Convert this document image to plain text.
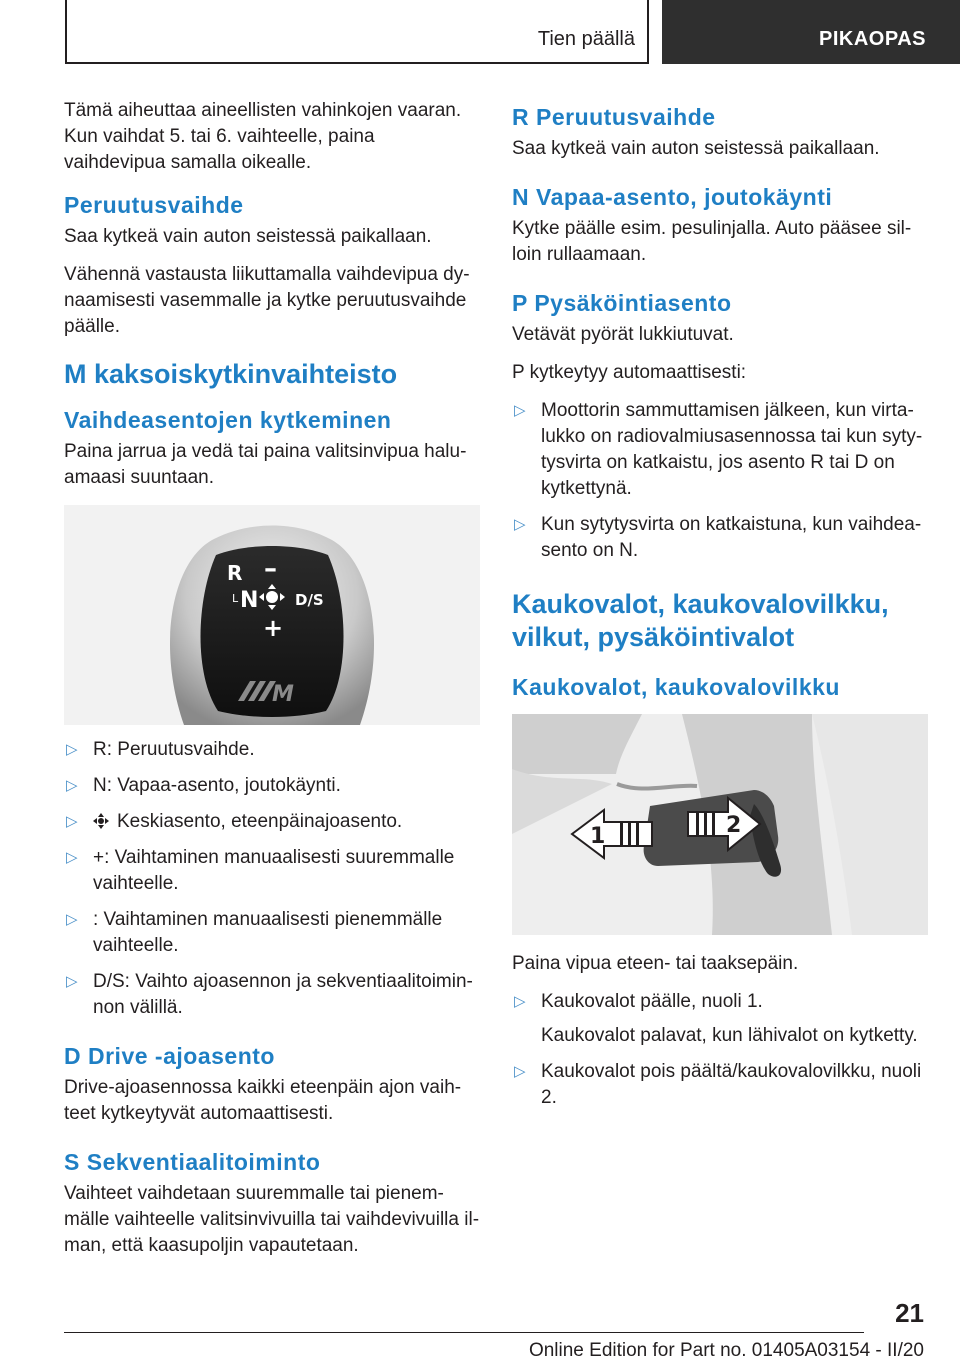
Tien päällä	PIKAOPAS

Tämä aiheuttaa aineellisten vahinkojen vaaran. Kun vaihdat 5. tai 6. vaihteelle, paina vaihdevipua samalla oikealle.

Peruutusvaihde

Saa kytkeä vain auton seistessä paikallaan.

Vähennä vastausta liikuttamalla vaihdevipua dynaamisesti vasemmalle ja kytke peruutusvaihde päälle.

M kaksoiskytkinvaihteisto
Vaihdeasentojen kytkeminen

Paina jarrua ja vedä tai paina valitsinvipua haluamaasi suuntaan.

R –
L N D/S
+
M
▷ R: Peruutusvaihde.
▷ N: Vapaa-asento, joutokäynti.
▷ Keskiasento, eteenpäinajoasento.
▷ +: Vaihtaminen manuaalisesti suuremmalle vaihteelle.
▷ : Vaihtaminen manuaalisesti pienemmälle vaihteelle.
▷ D/S: Vaihto ajoasennon ja sekventiaalitoiminnon välillä.
D Drive -ajoasento

Drive-ajoasennossa kaikki eteenpäin ajon vaihteet kytkeytyvät automaattisesti.

S Sekventiaalitoiminto

Vaihteet vaihdetaan suuremmalle tai pienemmälle vaihteelle valitsinvivuilla tai vaihdevivuilla ilman, että kaasupoljin vapautetaan.

R Peruutusvaihde

Saa kytkeä vain auton seistessä paikallaan.

N Vapaa-asento, joutokäynti

Kytke päälle esim. pesulinjalla. Auto pääsee silloin rullaamaan.

P Pysäköintiasento

Vetävät pyörät lukkiutuvat.

P kytkeytyy automaattisesti:

▷ Moottorin sammuttamisen jälkeen, kun virtalukko on radiovalmiusasennossa tai kun sytytysvirta on katkaistu, jos asento R tai D on kytkettynä.
▷ Kun sytytysvirta on katkaistuna, kun vaihdeasento on N.
Kaukovalot, kaukovalovilkku, vilkut, pysäköintivalot
Kaukovalot, kaukovalovilkku
1	2

Paina vipua eteen- tai taaksepäin.

▷ Kaukovalot päälle, nuoli 1.
Kaukovalot palavat, kun lähivalot on kytketty.
▷ Kaukovalot pois päältä/kaukovalovilkku, nuoli 2.
21
Online Edition for Part no. 01405A03154 - II/20
